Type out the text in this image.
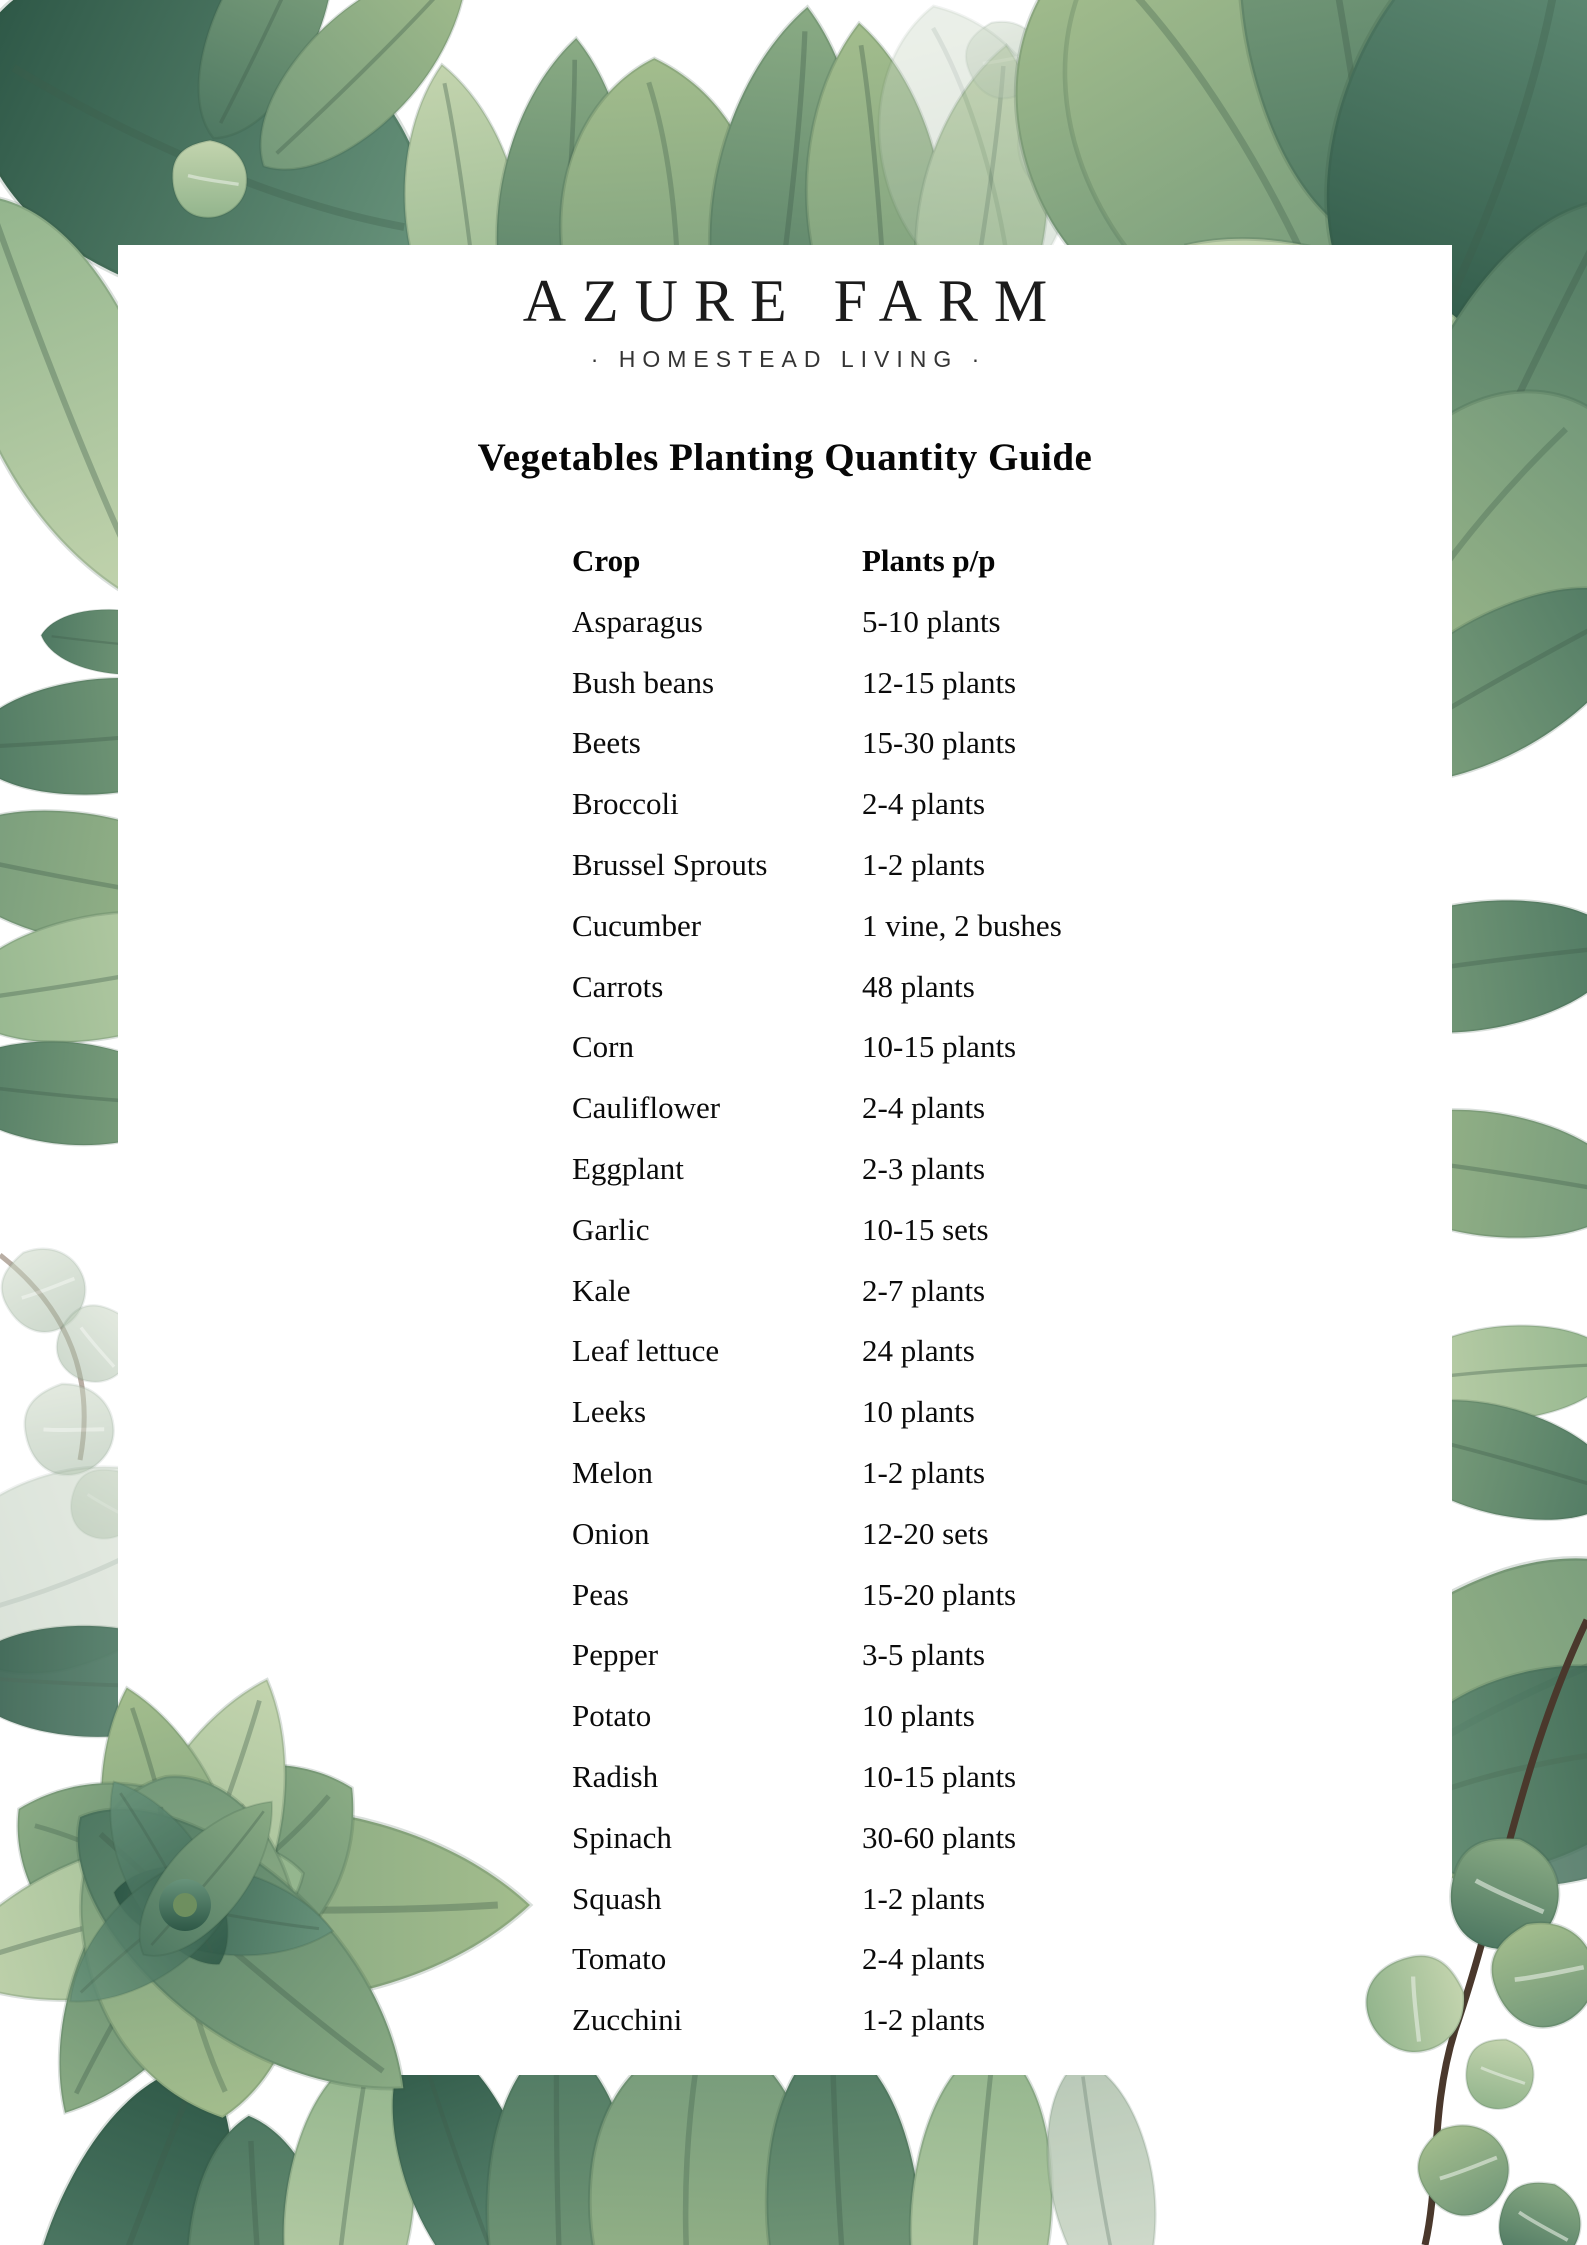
AZURE FARM
· HOMESTEAD LIVING ·
Vegetables Planting Quantity Guide
Crop	Plants p/p
Asparagus	5-10 plants
Bush beans	12-15 plants
Beets	15-30 plants
Broccoli	2-4 plants
Brussel Sprouts	1-2 plants
Cucumber	1 vine, 2 bushes
Carrots	48 plants
Corn	10-15 plants
Cauliflower	2-4 plants
Eggplant	2-3 plants
Garlic	10-15 sets
Kale	2-7 plants
Leaf lettuce	24 plants
Leeks	10 plants
Melon	1-2 plants
Onion	12-20 sets
Peas	15-20 plants
Pepper	3-5 plants
Potato	10 plants
Radish	10-15 plants
Spinach	30-60 plants
Squash	1-2 plants
Tomato	2-4 plants
Zucchini	1-2 plants
